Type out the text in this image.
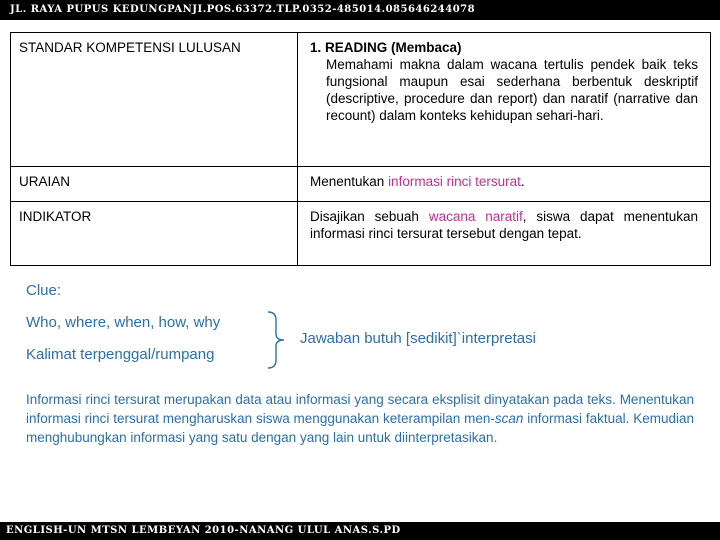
JL. RAYA PUPUS KEDUNGPANJI.POS.63372.TLP.0352-485014.085646244078
STANDAR KOMPETENSI LULUSAN	1. READING (Membaca)
Memahami makna dalam wacana tertulis pendek baik teks fungsional maupun esai sederhana berbentuk deskriptif (descriptive, procedure dan report) dan naratif (narrative dan recount) dalam konteks kehidupan sehari-hari.

URAIAN	Menentukan informasi rinci tersurat.
INDIKATOR	Disajikan sebuah wacana naratif, siswa dapat menentukan informasi rinci tersurat tersebut dengan tepat.
Clue:
Who, where, when, how, why
Kalimat terpenggal/rumpang
Jawaban butuh [sedikit]`interpretasi
Informasi rinci tersurat merupakan data atau informasi yang secara eksplisit dinyatakan pada teks. Menentukan informasi rinci tersurat mengharuskan siswa menggunakan keterampilan men-scan informasi faktual. Kemudian menghubungkan informasi yang satu dengan yang lain untuk diinterpretasikan.
ENGLISH-UN MTSN LEMBEYAN 2010-NANANG ULUL ANAS.S.PD
